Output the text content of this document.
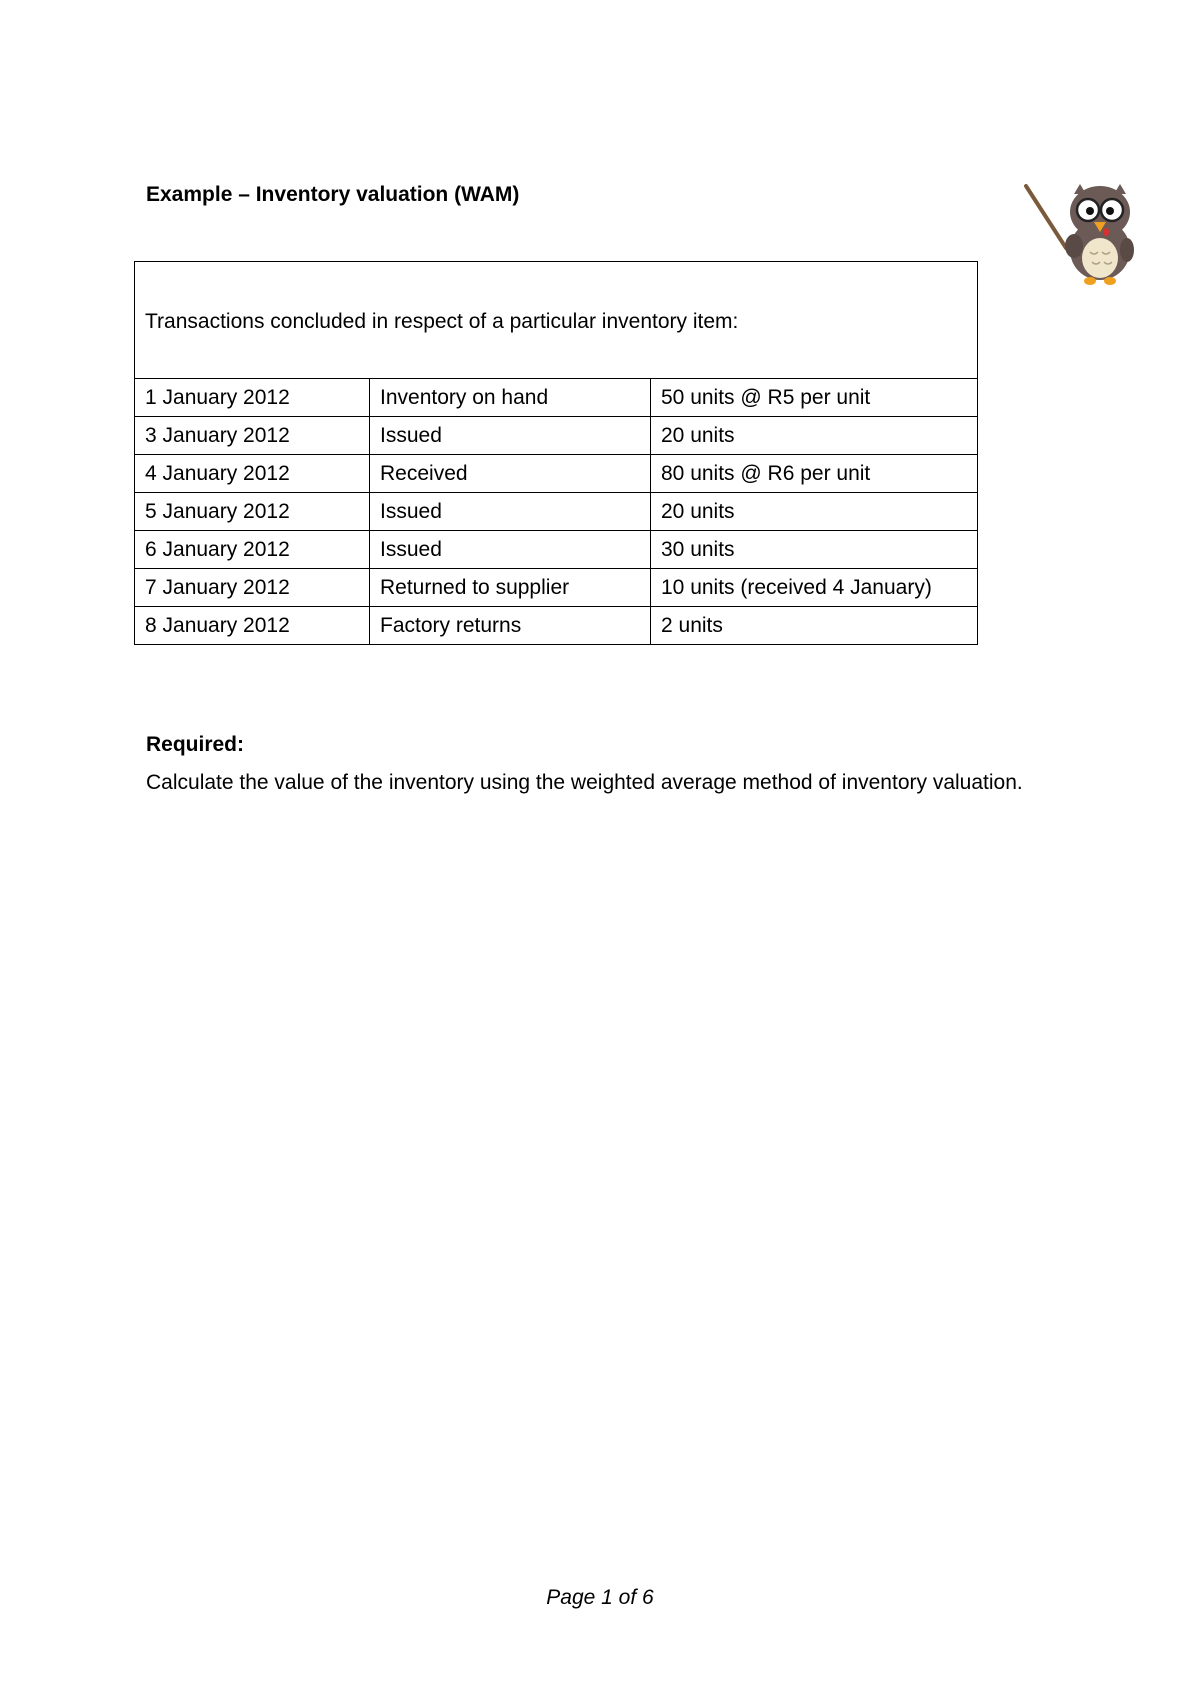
Example – Inventory valuation (WAM)
Transactions concluded in respect of a particular inventory item:		
1 January 2012	Inventory on hand	50 units @ R5 per unit
3 January 2012	Issued	20 units
4 January 2012	Received	80 units @ R6 per unit
5 January 2012	Issued	20 units
6 January 2012	Issued	30 units
7 January 2012	Returned to supplier	10 units (received 4 January)
8 January 2012	Factory returns	2 units
Required:
Calculate the value of the inventory using the weighted average method of inventory valuation.
Page 1 of 6
